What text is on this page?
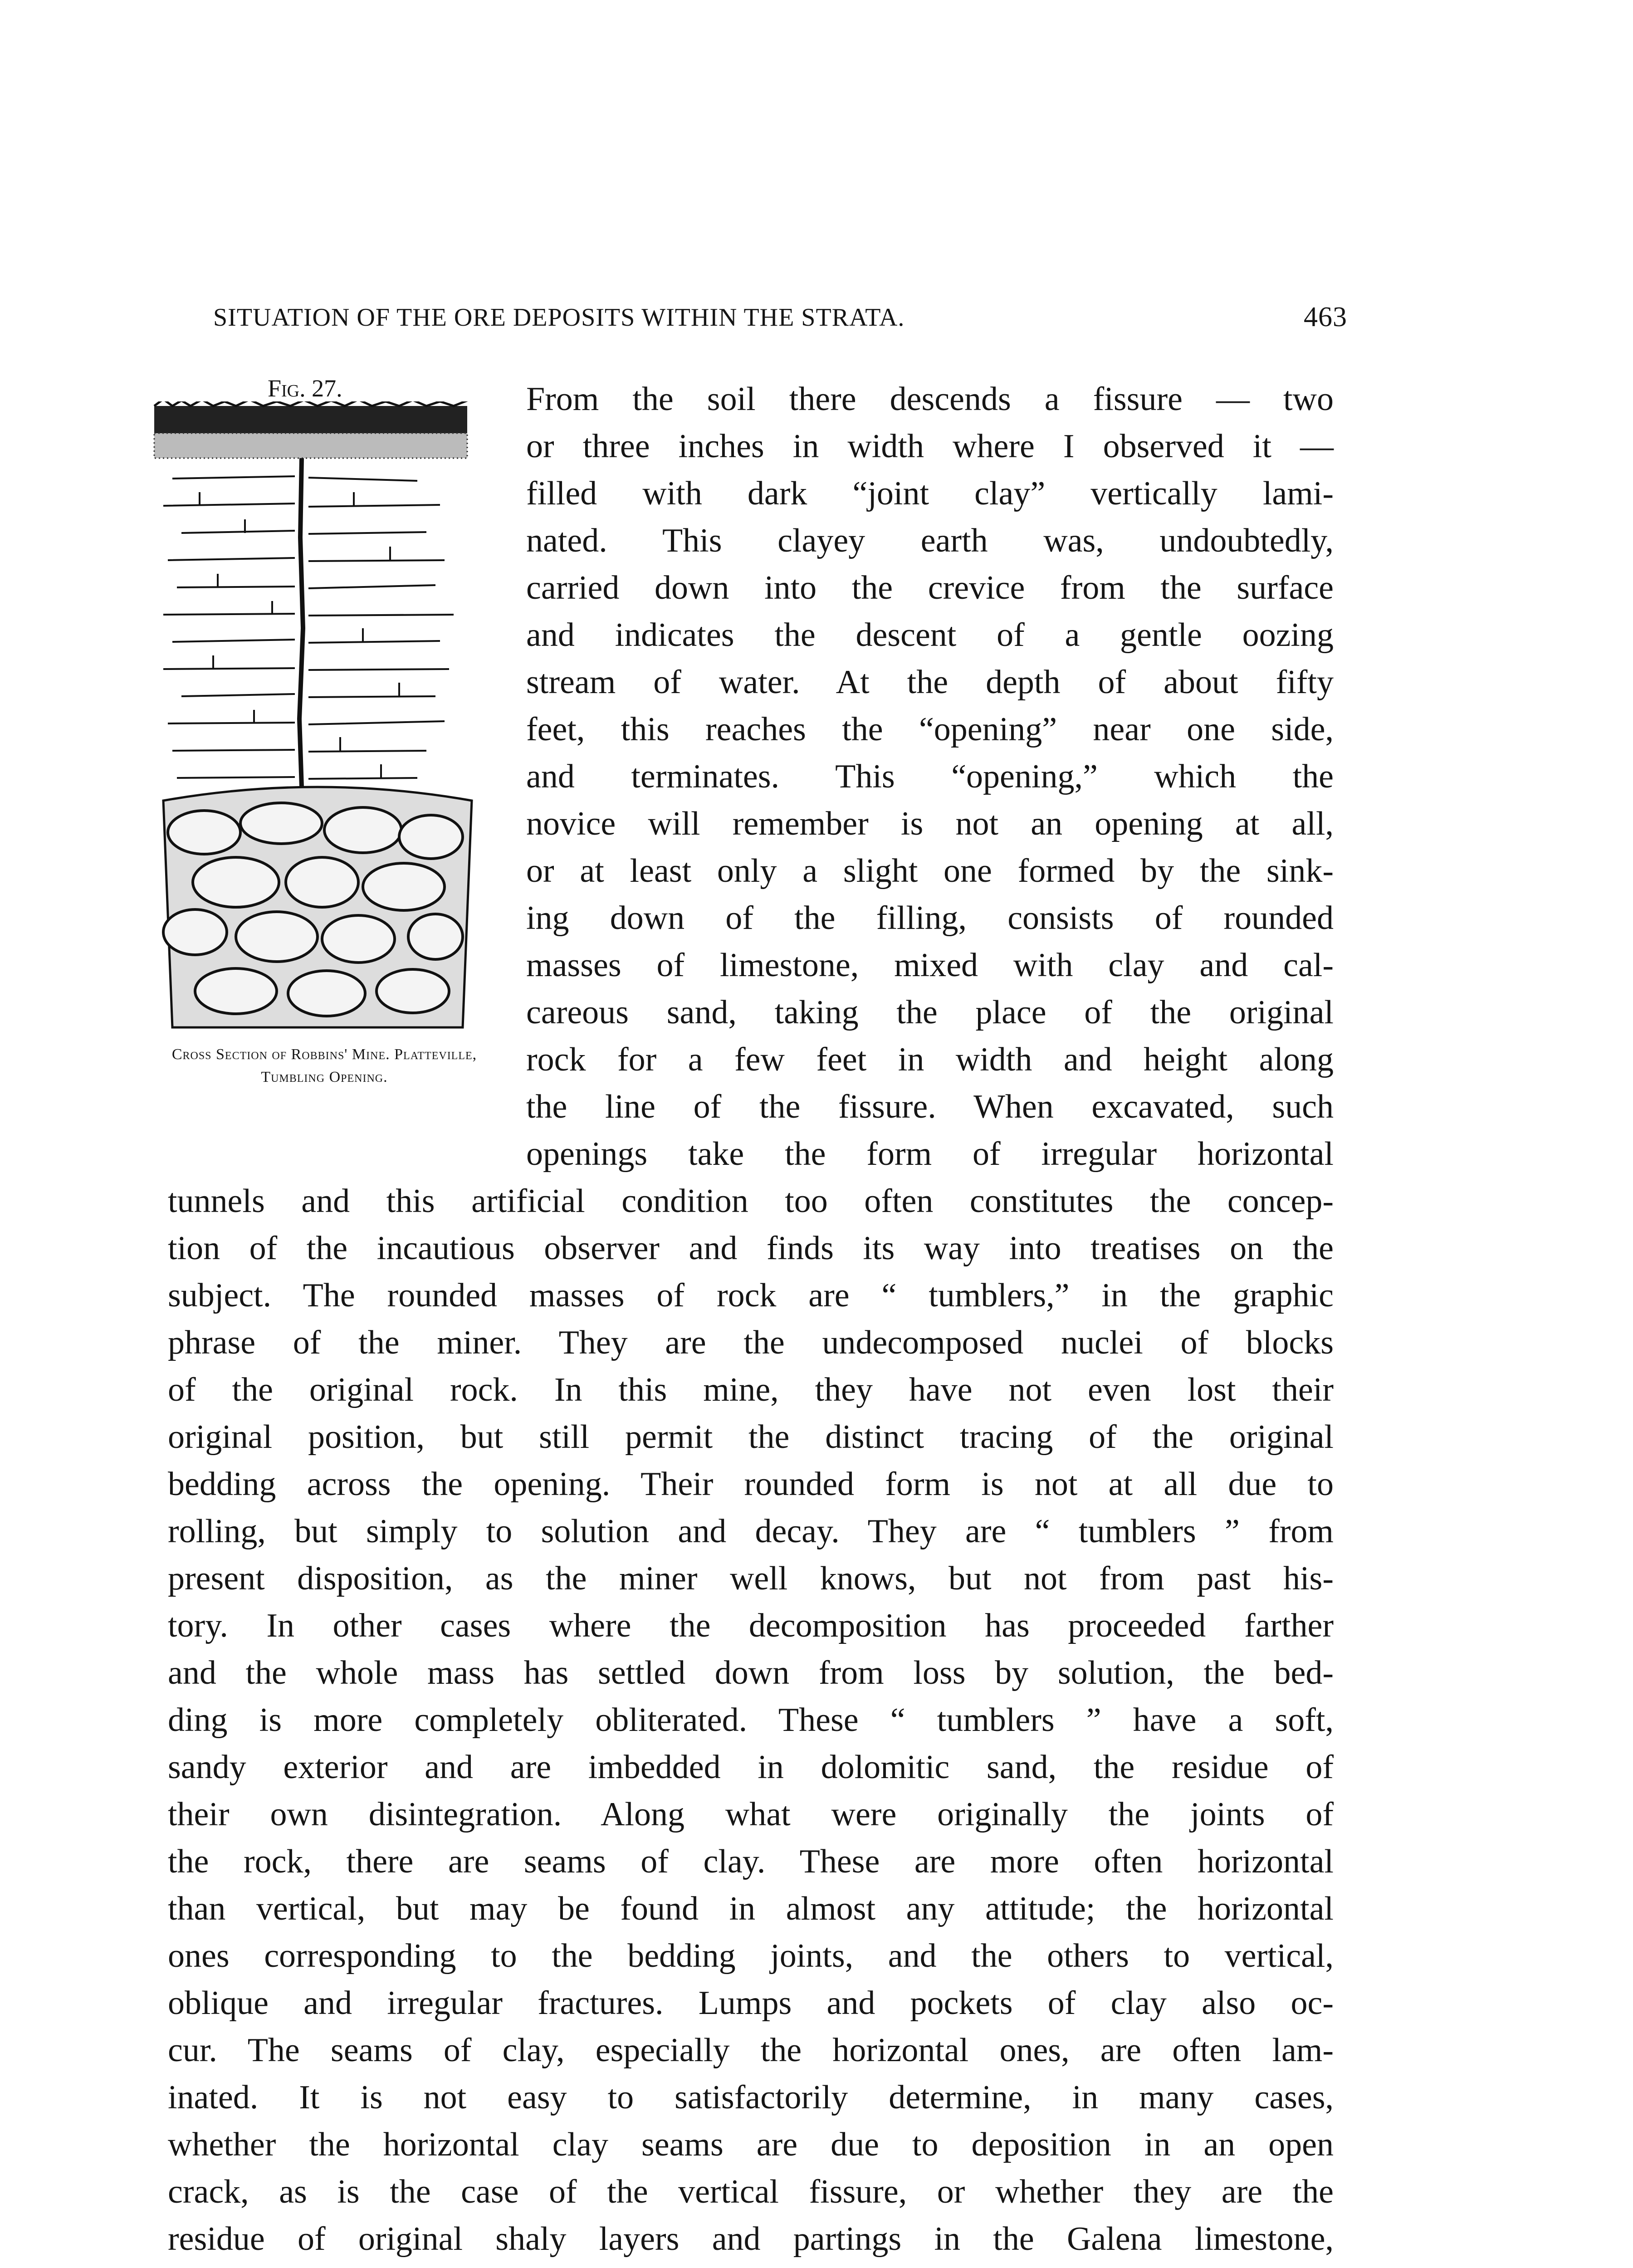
SITUATION OF THE ORE DEPOSITS WITHIN THE STRATA.	463
Fig. 27.
Cross Section of Robbins' Mine. Platteville, Tumbling Opening.
From the soil there descends a fissure — two
or three inches in width where I observed it —
filled with dark “joint clay” vertically lami-
nated. This clayey earth was, undoubtedly,
carried down into the crevice from the surface
and indicates the descent of a gentle oozing
stream of water. At the depth of about fifty
feet, this reaches the “opening” near one side,
and terminates. This “opening,” which the
novice will remember is not an opening at all,
or at least only a slight one formed by the sink-
ing down of the filling, consists of rounded
masses of limestone, mixed with clay and cal-
careous sand, taking the place of the original
rock for a few feet in width and height along
the line of the fissure. When excavated, such
openings take the form of irregular horizontal
tunnels and this artificial condition too often constitutes the concep-
tion of the incautious observer and finds its way into treatises on the
subject. The rounded masses of rock are “ tumblers,” in the graphic
phrase of the miner. They are the undecomposed nuclei of blocks
of the original rock. In this mine, they have not even lost their
original position, but still permit the distinct tracing of the original
bedding across the opening. Their rounded form is not at all due to
rolling, but simply to solution and decay. They are “ tumblers ” from
present disposition, as the miner well knows, but not from past his-
tory. In other cases where the decomposition has proceeded farther
and the whole mass has settled down from loss by solution, the bed-
ding is more completely obliterated. These “ tumblers ” have a soft,
sandy exterior and are imbedded in dolomitic sand, the residue of
their own disintegration. Along what were originally the joints of
the rock, there are seams of clay. These are more often horizontal
than vertical, but may be found in almost any attitude; the horizontal
ones corresponding to the bedding joints, and the others to vertical,
oblique and irregular fractures. Lumps and pockets of clay also oc-
cur. The seams of clay, especially the horizontal ones, are often lam-
inated. It is not easy to satisfactorily determine, in many cases,
whether the horizontal clay seams are due to deposition in an open
crack, as is the case of the vertical fissure, or whether they are the
residue of original shaly layers and partings in the Galena limestone,
